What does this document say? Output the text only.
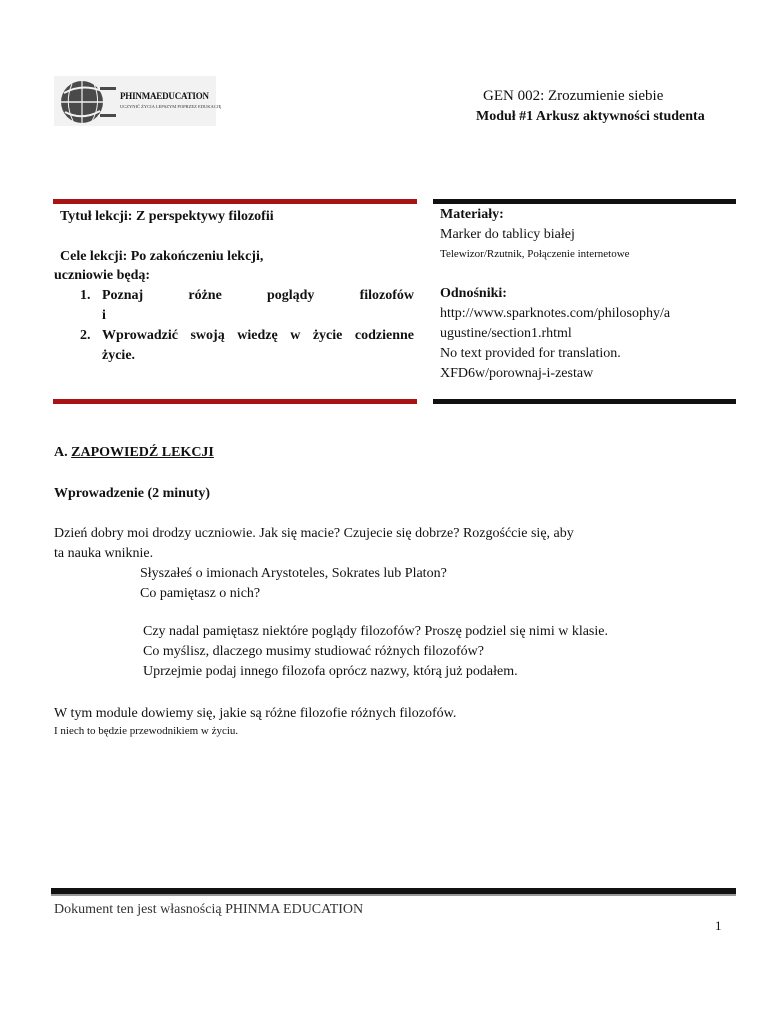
PHINMAEDUCATION
UCZYNIĆ ŻYCIA LEPSZYM POPRZEZ EDUKACJĘ
GEN 002: Zrozumienie siebie
Moduł #1 Arkusz aktywności studenta
Tytuł lekcji: Z perspektywy filozofii
Cele lekcji: Po zakończeniu lekcji,
uczniowie będą:
1. Poznaj różne poglądy filozofów
i
2. Wprowadzić swoją wiedzę w życie codzienne
życie.
Materiały:
Marker do tablicy białej
Telewizor/Rzutnik, Połączenie internetowe
Odnośniki:
http://www.sparknotes.com/philosophy/a
ugustine/section1.rhtml
No text provided for translation.
XFD6w/porownaj-i-zestaw
A. ZAPOWIEDŹ LEKCJI
Wprowadzenie (2 minuty)
Dzień dobry moi drodzy uczniowie. Jak się macie? Czujecie się dobrze? Rozgośćcie się, aby
ta nauka wniknie.
Słyszałeś o imionach Arystoteles, Sokrates lub Platon?
Co pamiętasz o nich?
Czy nadal pamiętasz niektóre poglądy filozofów? Proszę podziel się nimi w klasie.
Co myślisz, dlaczego musimy studiować różnych filozofów?
Uprzejmie podaj innego filozofa oprócz nazwy, którą już podałem.
W tym module dowiemy się, jakie są różne filozofie różnych filozofów.
I niech to będzie przewodnikiem w życiu.
Dokument ten jest własnością PHINMA EDUCATION
1
